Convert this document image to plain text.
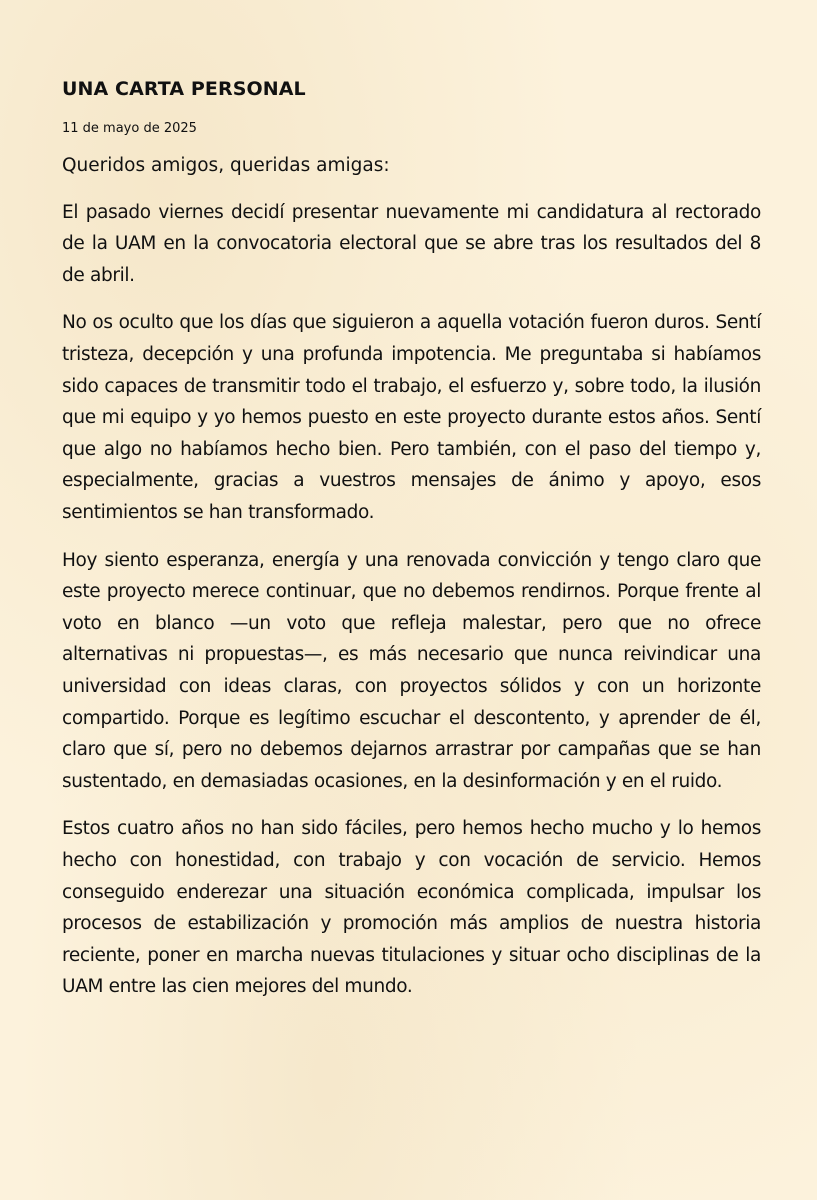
UNA CARTA PERSONAL
11 de mayo de 2025

Queridos amigos, queridas amigas:

El pasado viernes decidí presentar nuevamente mi candidatura al rectorado de la UAM en la convocatoria electoral que se abre tras los resultados del 8 de abril.

No os oculto que los días que siguieron a aquella votación fueron duros. Sentí tristeza, decepción y una profunda impotencia. Me preguntaba si habíamos sido capaces de transmitir todo el trabajo, el esfuerzo y, sobre todo, la ilusión que mi equipo y yo hemos puesto en este proyecto durante estos años. Sentí que algo no habíamos hecho bien. Pero también, con el paso del tiempo y, especialmente, gracias a vuestros mensajes de ánimo y apoyo, esos sentimientos se han transformado.

Hoy siento esperanza, energía y una renovada convicción y tengo claro que este proyecto merece continuar, que no debemos rendirnos. Porque frente al voto en blanco —un voto que refleja malestar, pero que no ofrece alternativas ni propuestas—, es más necesario que nunca reivindicar una universidad con ideas claras, con proyectos sólidos y con un horizonte compartido. Porque es legítimo escuchar el descontento, y aprender de él, claro que sí, pero no debemos dejarnos arrastrar por campañas que se han sustentado, en demasiadas ocasiones, en la desinformación y en el ruido.

Estos cuatro años no han sido fáciles, pero hemos hecho mucho y lo hemos hecho con honestidad, con trabajo y con vocación de servicio. Hemos conseguido enderezar una situación económica complicada, impulsar los procesos de estabilización y promoción más amplios de nuestra historia reciente, poner en marcha nuevas titulaciones y situar ocho disciplinas de la UAM entre las cien mejores del mundo.
